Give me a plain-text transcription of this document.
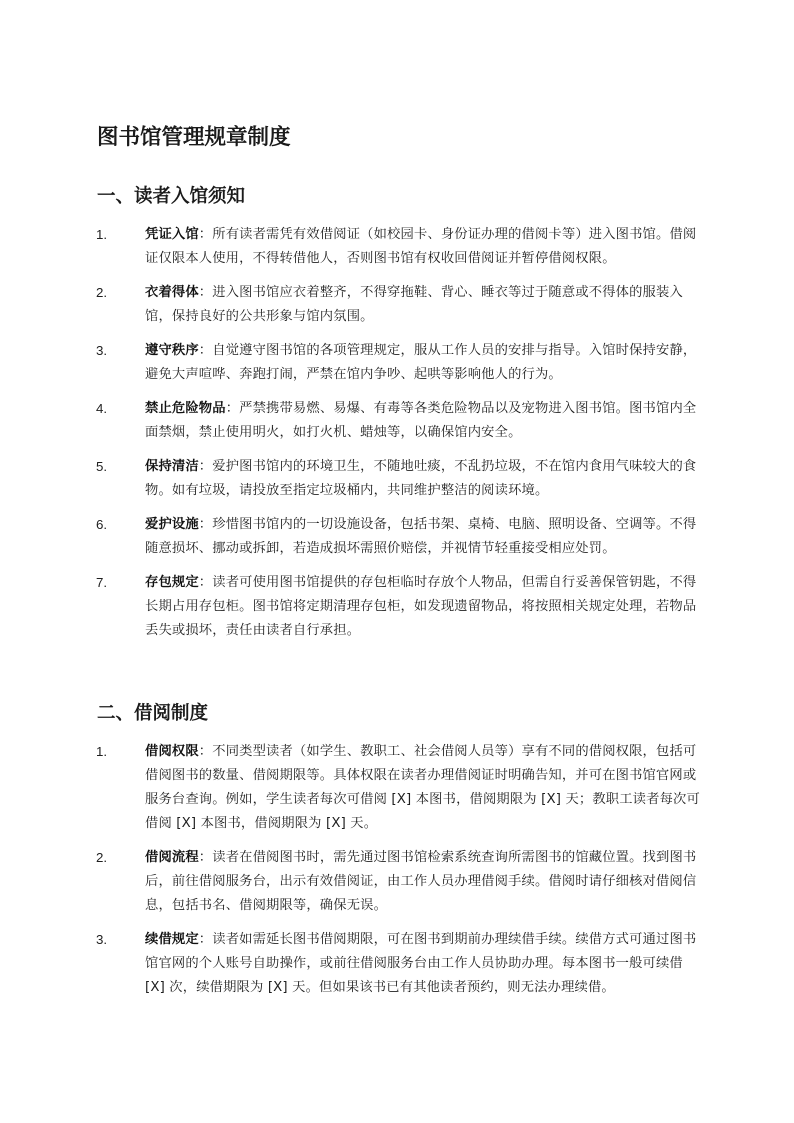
图书馆管理规章制度
一、读者入馆须知
1.	凭证入馆：所有读者需凭有效借阅证（如校园卡、身份证办理的借阅卡等）进入图书馆。借阅证仅限本人使用，不得转借他人，否则图书馆有权收回借阅证并暂停借阅权限。

2.	衣着得体：进入图书馆应衣着整齐，不得穿拖鞋、背心、睡衣等过于随意或不得体的服装入馆，保持良好的公共形象与馆内氛围。

3.	遵守秩序：自觉遵守图书馆的各项管理规定，服从工作人员的安排与指导。入馆时保持安静，避免大声喧哗、奔跑打闹，严禁在馆内争吵、起哄等影响他人的行为。

4.	禁止危险物品：严禁携带易燃、易爆、有毒等各类危险物品以及宠物进入图书馆。图书馆内全面禁烟，禁止使用明火，如打火机、蜡烛等，以确保馆内安全。

5.	保持清洁：爱护图书馆内的环境卫生，不随地吐痰，不乱扔垃圾，不在馆内食用气味较大的食物。如有垃圾，请投放至指定垃圾桶内，共同维护整洁的阅读环境。

6.	爱护设施：珍惜图书馆内的一切设施设备，包括书架、桌椅、电脑、照明设备、空调等。不得随意损坏、挪动或拆卸，若造成损坏需照价赔偿，并视情节轻重接受相应处罚。

7.	存包规定：读者可使用图书馆提供的存包柜临时存放个人物品，但需自行妥善保管钥匙，不得长期占用存包柜。图书馆将定期清理存包柜，如发现遗留物品，将按照相关规定处理，若物品丢失或损坏，责任由读者自行承担。

二、借阅制度
1.	借阅权限：不同类型读者（如学生、教职工、社会借阅人员等）享有不同的借阅权限，包括可借阅图书的数量、借阅期限等。具体权限在读者办理借阅证时明确告知，并可在图书馆官网或服务台查询。例如，学生读者每次可借阅 [X] 本图书，借阅期限为 [X] 天；教职工读者每次可借阅 [X] 本图书，借阅期限为 [X] 天。

2.	借阅流程：读者在借阅图书时，需先通过图书馆检索系统查询所需图书的馆藏位置。找到图书后，前往借阅服务台，出示有效借阅证，由工作人员办理借阅手续。借阅时请仔细核对借阅信息，包括书名、借阅期限等，确保无误。

3.	续借规定：读者如需延长图书借阅期限，可在图书到期前办理续借手续。续借方式可通过图书馆官网的个人账号自助操作，或前往借阅服务台由工作人员协助办理。每本图书一般可续借 [X] 次，续借期限为 [X] 天。但如果该书已有其他读者预约，则无法办理续借。
